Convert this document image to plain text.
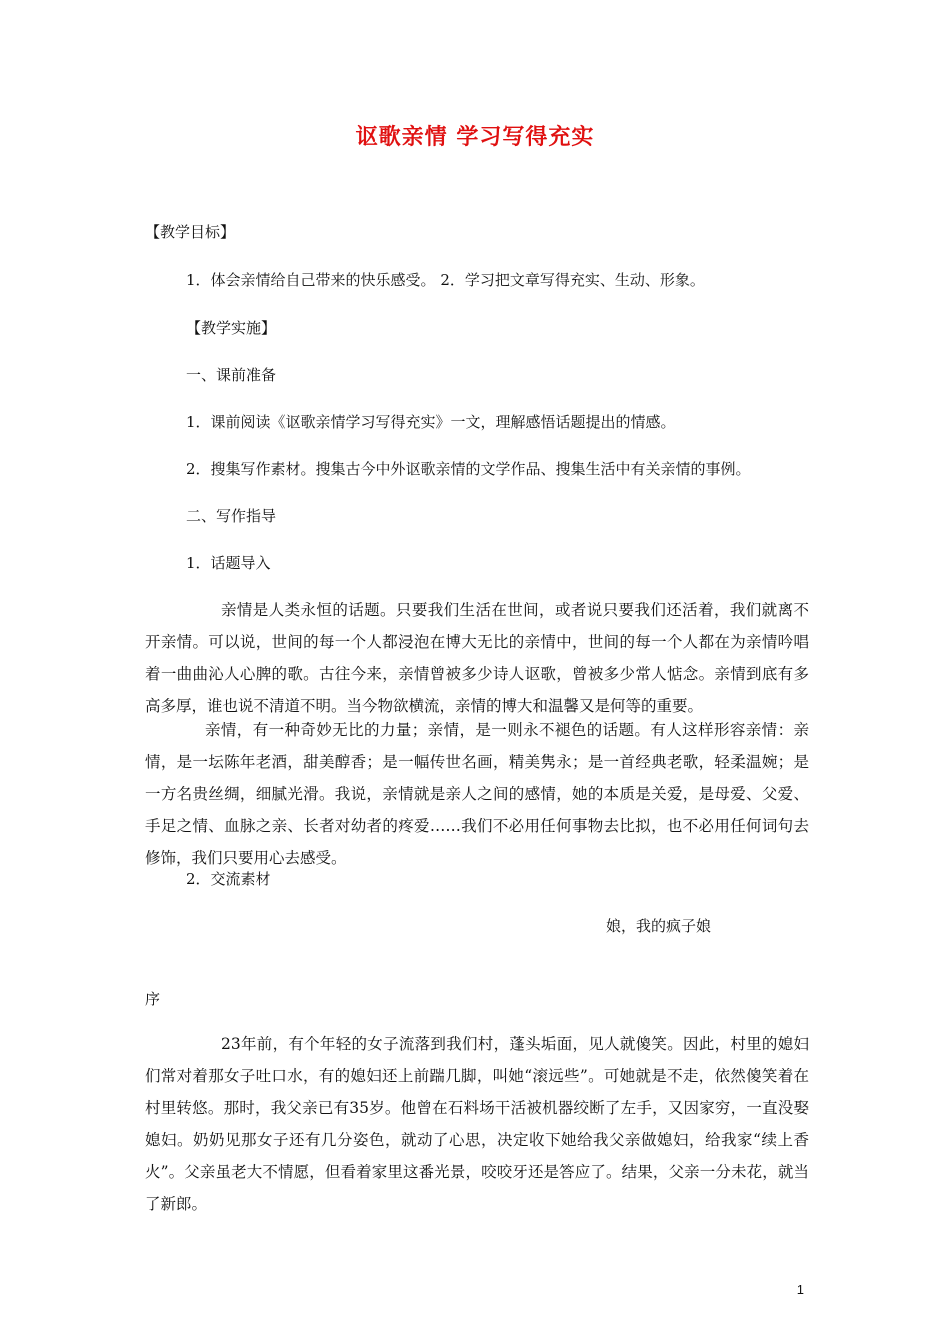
讴歌亲情 学习写得充实
【教学目标】
1．体会亲情给自己带来的快乐感受。 2．学习把文章写得充实、生动、形象。
【教学实施】
一、课前准备
1．课前阅读《讴歌亲情学习写得充实》一文，理解感悟话题提出的情感。
2．搜集写作素材。搜集古今中外讴歌亲情的文学作品、搜集生活中有关亲情的事例。
二、写作指导
1．话题导入
亲情是人类永恒的话题。只要我们生活在世间，或者说只要我们还活着，我们就离不开亲情。可以说，世间的每一个人都浸泡在博大无比的亲情中，世间的每一个人都在为亲情吟唱着一曲曲沁人心脾的歌。古往今来，亲情曾被多少诗人讴歌，曾被多少常人惦念。亲情到底有多高多厚，谁也说不清道不明。当今物欲横流，亲情的博大和温馨又是何等的重要。
亲情，有一种奇妙无比的力量；亲情，是一则永不褪色的话题。有人这样形容亲情：亲情，是一坛陈年老酒，甜美醇香；是一幅传世名画，精美隽永；是一首经典老歌，轻柔温婉；是一方名贵丝绸，细腻光滑。我说，亲情就是亲人之间的感情，她的本质是关爱，是母爱、父爱、手足之情、血脉之亲、长者对幼者的疼爱……我们不必用任何事物去比拟，也不必用任何词句去修饰，我们只要用心去感受。
2．交流素材
娘，我的疯子娘
序
23年前，有个年轻的女子流落到我们村，蓬头垢面，见人就傻笑。因此，村里的媳妇们常对着那女子吐口水，有的媳妇还上前踹几脚，叫她“滚远些”。可她就是不走，依然傻笑着在村里转悠。那时，我父亲已有35岁。他曾在石料场干活被机器绞断了左手，又因家穷，一直没娶媳妇。奶奶见那女子还有几分姿色，就动了心思，决定收下她给我父亲做媳妇，给我家“续上香火”。父亲虽老大不情愿，但看着家里这番光景，咬咬牙还是答应了。结果，父亲一分未花，就当了新郎。
1
